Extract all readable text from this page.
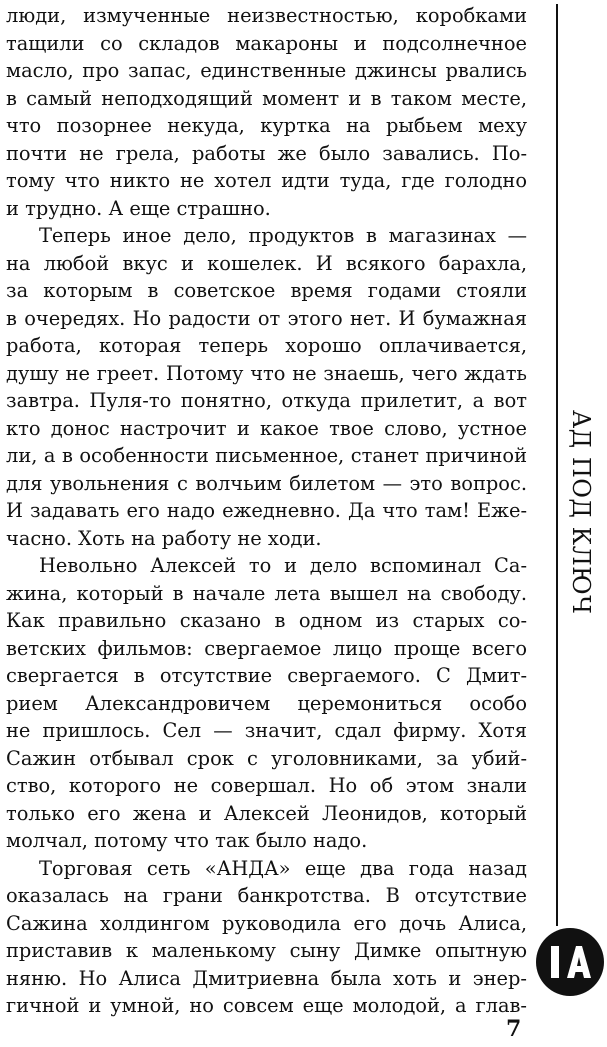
люди, измученные неизвестностью, коробками
тащили со складов макароны и подсолнечное
масло, про запас, единственные джинсы рвались
в самый неподходящий момент и в таком месте,
что позорнее некуда, куртка на рыбьем меху
почти не грела, работы же было завались. По-
тому что никто не хотел идти туда, где голодно
и трудно. А еще страшно.

Теперь иное дело, продуктов в магазинах —
на любой вкус и кошелек. И всякого барахла,
за которым в советское время годами стояли
в очередях. Но радости от этого нет. И бумажная
работа, которая теперь хорошо оплачивается,
душу не греет. Потому что не знаешь, чего ждать
завтра. Пуля-то понятно, откуда прилетит, а вот
кто донос настрочит и какое твое слово, устное
ли, а в особенности письменное, станет причиной
для увольнения с волчьим билетом — это вопрос.
И задавать его надо ежедневно. Да что там! Еже-
часно. Хоть на работу не ходи.

Невольно Алексей то и дело вспоминал Са-
жина, который в начале лета вышел на свободу.
Как правильно сказано в одном из старых со-
ветских фильмов: свергаемое лицо проще всего
свергается в отсутствие свергаемого. С Дмит-
рием Александровичем церемониться особо
не пришлось. Сел — значит, сдал фирму. Хотя
Сажин отбывал срок с уголовниками, за убий-
ство, которого не совершал. Но об этом знали
только его жена и Алексей Леонидов, который
молчал, потому что так было надо.

Торговая сеть «АНДА» еще два года назад
оказалась на грани банкротства. В отсутствие
Сажина холдингом руководила его дочь Алиса,
приставив к маленькому сыну Димке опытную
няню. Но Алиса Дмитриевна была хоть и энер-
гичной и умной, но совсем еще молодой, а глав-

АД ПОД КЛЮЧ
7
